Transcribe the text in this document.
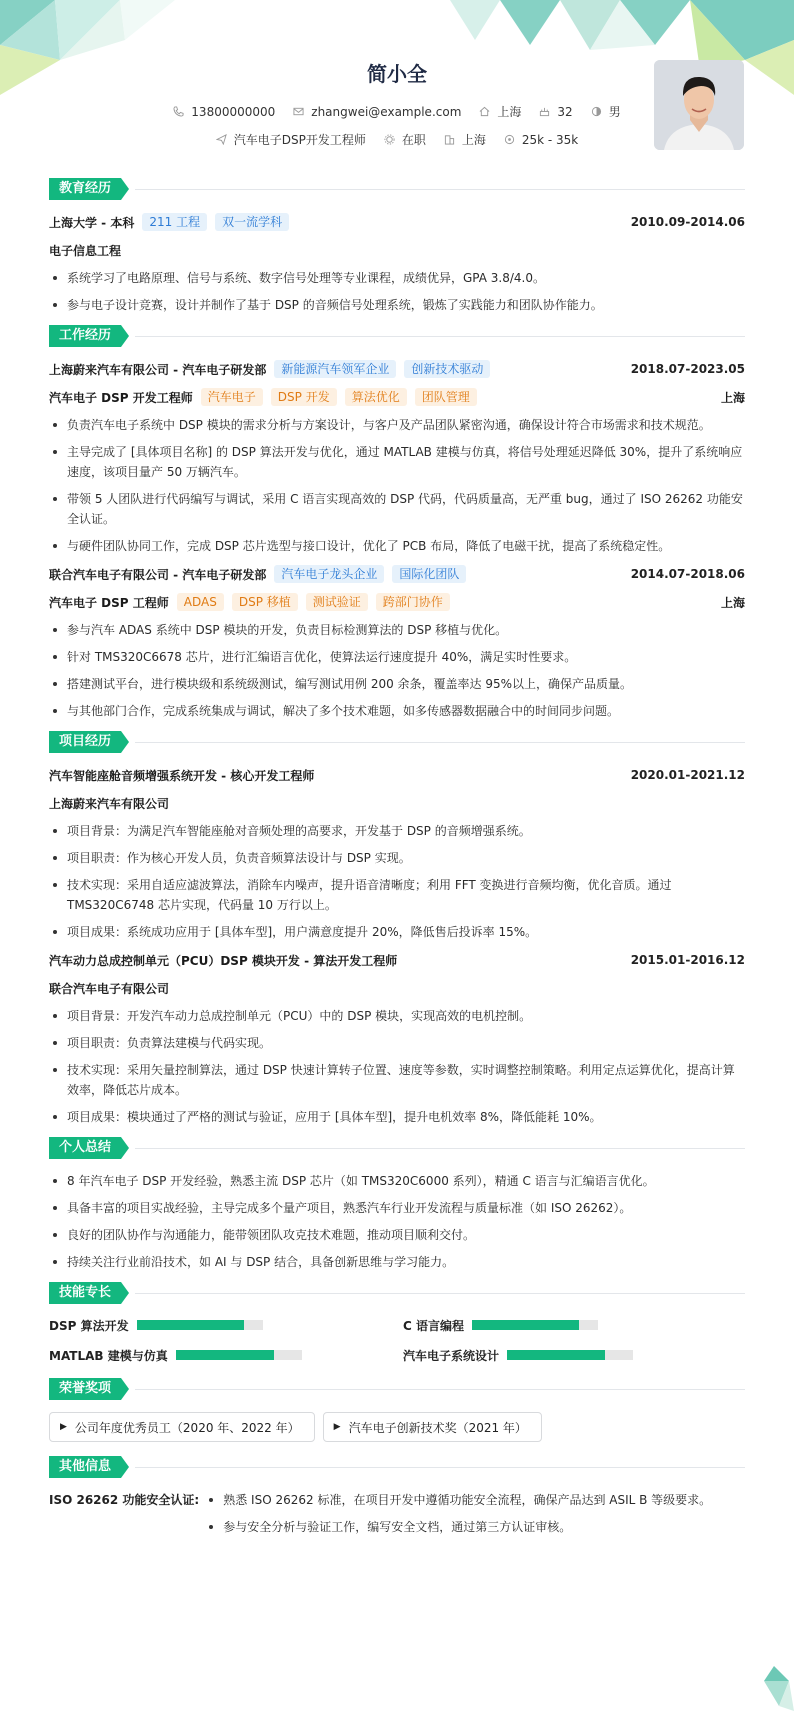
简小全
13800000000	zhangwei@example.com	上海	32	男
汽车电子DSP开发工程师	在职	上海	25k - 35k
教育经历
上海大学 - 本科	211 工程	双一流学科	2010.09-2014.06
电子信息工程
系统学习了电路原理、信号与系统、数字信号处理等专业课程，成绩优异，GPA 3.8/4.0。
参与电子设计竞赛，设计并制作了基于 DSP 的音频信号处理系统，锻炼了实践能力和团队协作能力。
工作经历
上海蔚来汽车有限公司 - 汽车电子研发部	新能源汽车领军企业	创新技术驱动	2018.07-2023.05
汽车电子 DSP 开发工程师	汽车电子	DSP 开发	算法优化	团队管理	上海
负责汽车电子系统中 DSP 模块的需求分析与方案设计，与客户及产品团队紧密沟通，确保设计符合市场需求和技术规范。
主导完成了 [具体项目名称] 的 DSP 算法开发与优化，通过 MATLAB 建模与仿真，将信号处理延迟降低 30%，提升了系统响应速度，该项目量产 50 万辆汽车。
带领 5 人团队进行代码编写与调试，采用 C 语言实现高效的 DSP 代码，代码质量高，无严重 bug，通过了 ISO 26262 功能安全认证。
与硬件团队协同工作，完成 DSP 芯片选型与接口设计，优化了 PCB 布局，降低了电磁干扰，提高了系统稳定性。
联合汽车电子有限公司 - 汽车电子研发部	汽车电子龙头企业	国际化团队	2014.07-2018.06
汽车电子 DSP 工程师	ADAS	DSP 移植	测试验证	跨部门协作	上海
参与汽车 ADAS 系统中 DSP 模块的开发，负责目标检测算法的 DSP 移植与优化。
针对 TMS320C6678 芯片，进行汇编语言优化，使算法运行速度提升 40%，满足实时性要求。
搭建测试平台，进行模块级和系统级测试，编写测试用例 200 余条，覆盖率达 95%以上，确保产品质量。
与其他部门合作，完成系统集成与调试，解决了多个技术难题，如多传感器数据融合中的时间同步问题。
项目经历
汽车智能座舱音频增强系统开发 - 核心开发工程师	2020.01-2021.12
上海蔚来汽车有限公司
项目背景：为满足汽车智能座舱对音频处理的高要求，开发基于 DSP 的音频增强系统。
项目职责：作为核心开发人员，负责音频算法设计与 DSP 实现。
技术实现：采用自适应滤波算法，消除车内噪声，提升语音清晰度；利用 FFT 变换进行音频均衡，优化音质。通过 TMS320C6748 芯片实现，代码量 10 万行以上。
项目成果：系统成功应用于 [具体车型]，用户满意度提升 20%，降低售后投诉率 15%。
汽车动力总成控制单元（PCU）DSP 模块开发 - 算法开发工程师	2015.01-2016.12
联合汽车电子有限公司
项目背景：开发汽车动力总成控制单元（PCU）中的 DSP 模块，实现高效的电机控制。
项目职责：负责算法建模与代码实现。
技术实现：采用矢量控制算法，通过 DSP 快速计算转子位置、速度等参数，实时调整控制策略。利用定点运算优化，提高计算效率，降低芯片成本。
项目成果：模块通过了严格的测试与验证，应用于 [具体车型]，提升电机效率 8%，降低能耗 10%。
个人总结
8 年汽车电子 DSP 开发经验，熟悉主流 DSP 芯片（如 TMS320C6000 系列），精通 C 语言与汇编语言优化。
具备丰富的项目实战经验，主导完成多个量产项目，熟悉汽车行业开发流程与质量标准（如 ISO 26262）。
良好的团队协作与沟通能力，能带领团队攻克技术难题，推动项目顺利交付。
持续关注行业前沿技术，如 AI 与 DSP 结合，具备创新思维与学习能力。
技能专长
DSP 算法开发	C 语言编程
MATLAB 建模与仿真	汽车电子系统设计
荣誉奖项
▶ 公司年度优秀员工（2020 年、2022 年）	▶ 汽车电子创新技术奖（2021 年）
其他信息
ISO 26262 功能安全认证:	熟悉 ISO 26262 标准，在项目开发中遵循功能安全流程，确保产品达到 ASIL B 等级要求。
参与安全分析与验证工作，编写安全文档，通过第三方认证审核。
